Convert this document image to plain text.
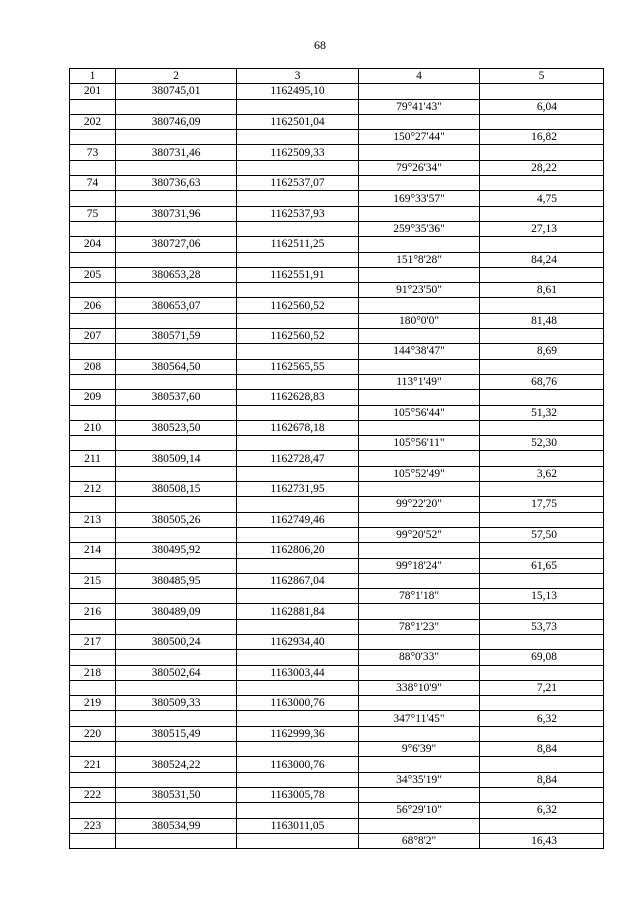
68
1	2	3	4	5
201	380745,01	1162495,10		
			79°41'43"	6,04
202	380746,09	1162501,04		
			150°27'44"	16,82
73	380731,46	1162509,33		
			79°26'34"	28,22
74	380736,63	1162537,07		
			169°33'57"	4,75
75	380731,96	1162537,93		
			259°35'36"	27,13
204	380727,06	1162511,25		
			151°8'28"	84,24
205	380653,28	1162551,91		
			91°23'50"	8,61
206	380653,07	1162560,52		
			180°0'0"	81,48
207	380571,59	1162560,52		
			144°38'47"	8,69
208	380564,50	1162565,55		
			113°1'49"	68,76
209	380537,60	1162628,83		
			105°56'44"	51,32
210	380523,50	1162678,18		
			105°56'11"	52,30
211	380509,14	1162728,47		
			105°52'49"	3,62
212	380508,15	1162731,95		
			99°22'20"	17,75
213	380505,26	1162749,46		
			99°20'52"	57,50
214	380495,92	1162806,20		
			99°18'24"	61,65
215	380485,95	1162867,04		
			78°1'18"	15,13
216	380489,09	1162881,84		
			78°1'23"	53,73
217	380500,24	1162934,40		
			88°0'33"	69,08
218	380502,64	1163003,44		
			338°10'9"	7,21
219	380509,33	1163000,76		
			347°11'45"	6,32
220	380515,49	1162999,36		
			9°6'39"	8,84
221	380524,22	1163000,76		
			34°35'19"	8,84
222	380531,50	1163005,78		
			56°29'10"	6,32
223	380534,99	1163011,05		
			68°8'2"	16,43
